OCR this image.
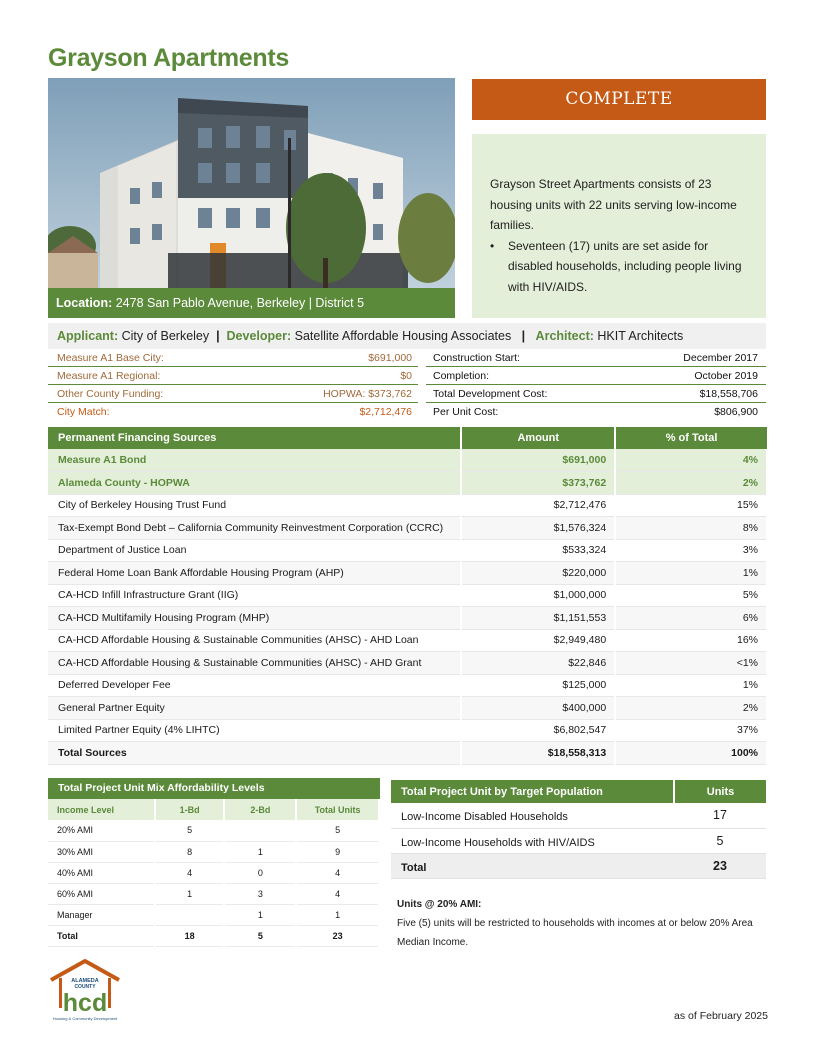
Grayson Apartments
Location: 2478 San Pablo Avenue, Berkeley | District 5
COMPLETE
Grayson Street Apartments consists of 23 housing units with 22 units serving low-income families.
• Seventeen (17) units are set aside for disabled households, including people living with HIV/AIDS.
Applicant: City of Berkeley | Developer: Satellite Affordable Housing Associates | Architect: HKIT Architects
Measure A1 Base City:	$691,000
Measure A1 Regional:	$0
Other County Funding:	HOPWA: $373,762
City Match:	$2,712,476
Construction Start:	December 2017
Completion:	October 2019
Total Development Cost:	$18,558,706
Per Unit Cost:	$806,900
Permanent Financing Sources	Amount	% of Total
Measure A1 Bond	$691,000	4%
Alameda County - HOPWA	$373,762	2%
City of Berkeley Housing Trust Fund	$2,712,476	15%
Tax-Exempt Bond Debt – California Community Reinvestment Corporation (CCRC)	$1,576,324	8%
Department of Justice Loan	$533,324	3%
Federal Home Loan Bank Affordable Housing Program (AHP)	$220,000	1%
CA-HCD Infill Infrastructure Grant (IIG)	$1,000,000	5%
CA-HCD Multifamily Housing Program (MHP)	$1,151,553	6%
CA-HCD Affordable Housing & Sustainable Communities (AHSC) - AHD Loan	$2,949,480	16%
CA-HCD Affordable Housing & Sustainable Communities (AHSC) - AHD Grant	$22,846	<1%
Deferred Developer Fee	$125,000	1%
General Partner Equity	$400,000	2%
Limited Partner Equity (4% LIHTC)	$6,802,547	37%
Total Sources	$18,558,313	100%
Total Project Unit Mix Affordability Levels
Income Level	1-Bd	2-Bd	Total Units
20% AMI	5		5
30% AMI	8	1	9
40% AMI	4	0	4
60% AMI	1	3	4
Manager		1	1
Total	18	5	23
Total Project Unit by Target Population	Units
Low-Income Disabled Households	17
Low-Income Households with HIV/AIDS	5
Total	23
Units @ 20% AMI:
Five (5) units will be restricted to households with incomes at or below 20% Area Median Income.
ALAMEDA
COUNTY
hcd
Housing & Community Development	as of February 2025
